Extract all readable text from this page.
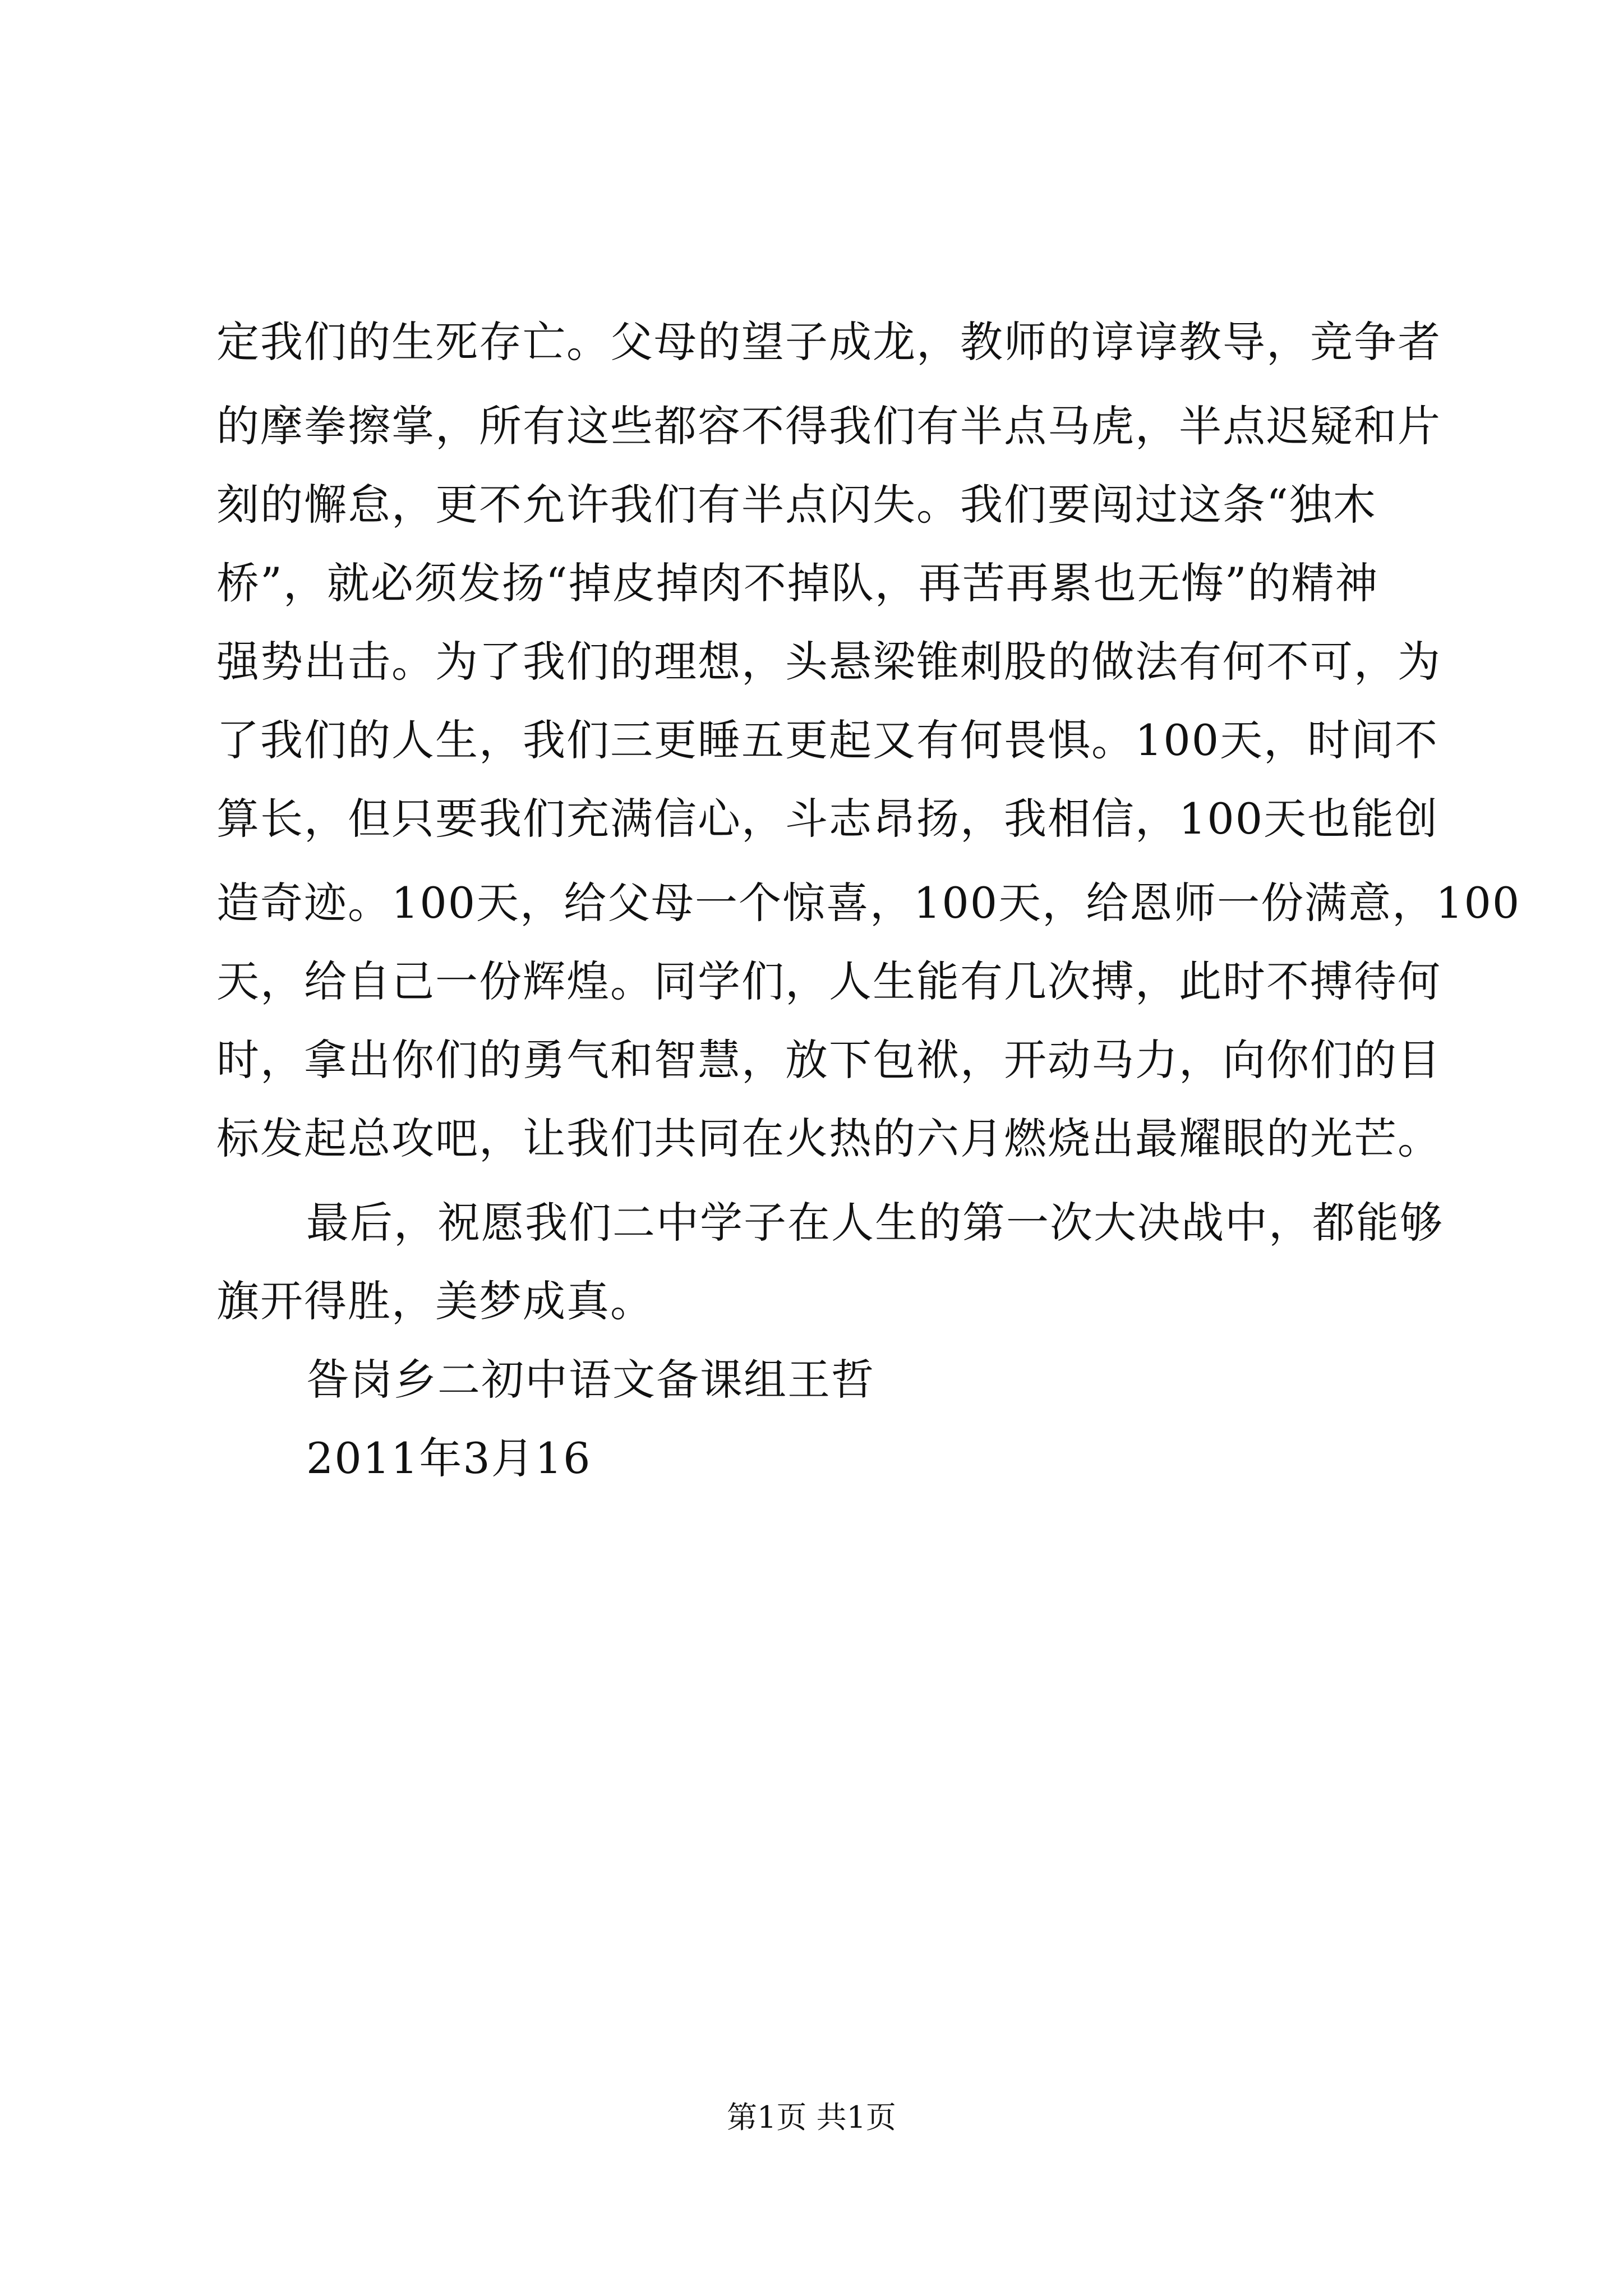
定我们的生死存亡。父母的望子成龙，教师的谆谆教导，竞争者
的摩拳擦掌，所有这些都容不得我们有半点马虎，半点迟疑和片
刻的懈怠，更不允许我们有半点闪失。我们要闯过这条“独木
桥”，就必须发扬“掉皮掉肉不掉队，再苦再累也无悔”的精神
强势出击。为了我们的理想，头悬梁锥刺股的做法有何不可，为
了我们的人生，我们三更睡五更起又有何畏惧。100天，时间不
算长，但只要我们充满信心，斗志昂扬，我相信，100天也能创
造奇迹。100天，给父母一个惊喜，100天，给恩师一份满意，100
天，给自己一份辉煌。同学们，人生能有几次搏，此时不搏待何
时，拿出你们的勇气和智慧，放下包袱，开动马力，向你们的目
标发起总攻吧，让我们共同在火热的六月燃烧出最耀眼的光芒。
最后，祝愿我们二中学子在人生的第一次大决战中，都能够
旗开得胜，美梦成真。
昝岗乡二初中语文备课组王哲
2011年3月16
第1页 共1页
